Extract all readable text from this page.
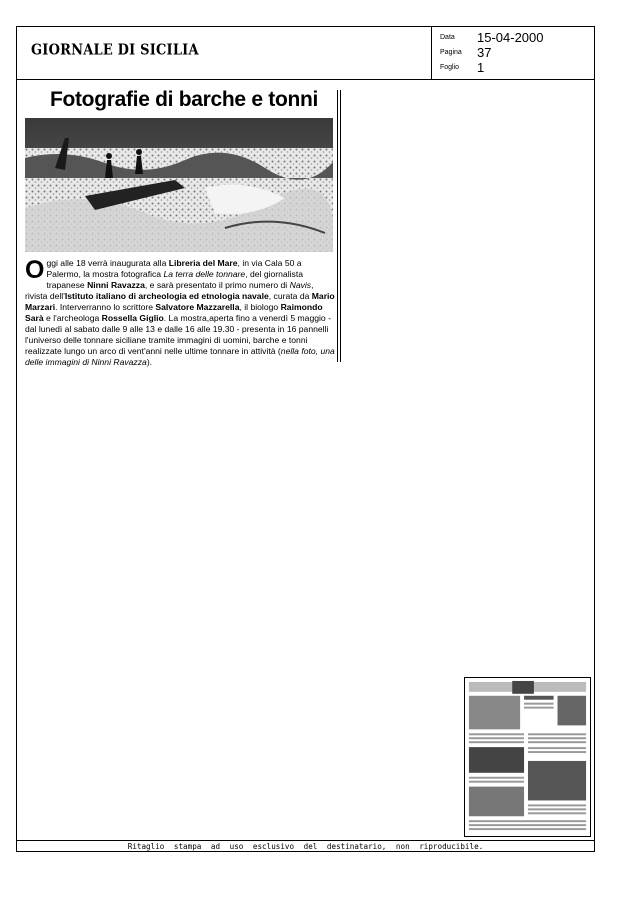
GIORNALE DI SICILIA
Data 15-04-2000
Pagina 37
Foglio 1
Fotografie di barche e tonni
O ggi alle 18 verrà inaugurata alla Libreria del Mare, in via Cala 50 a Palermo, la mostra fotografica La terra delle tonnare, del giornalista trapanese Ninni Ravazza, e sarà presentato il primo numero di Navis, rivista dell'Istituto italiano di archeologia ed etnologia navale, curata da Mario Marzari. Interverranno lo scrittore Salvatore Mazzarella, il biologo Raimondo Sarà e l'archeologa Rossella Giglio. La mostra,aperta fino a venerdì 5 maggio - dal lunedì al sabato dalle 9 alle 13 e dalle 16 alle 19.30 - presenta in 16 pannelli l'universo delle tonnare siciliane tramite immagini di uomini, barche e tonni realizzate lungo un arco di vent'anni nelle ultime tonnare in attività (nella foto, una delle immagini di Ninni Ravazza).
Ritaglio stampa ad uso esclusivo del destinatario, non riproducibile.
